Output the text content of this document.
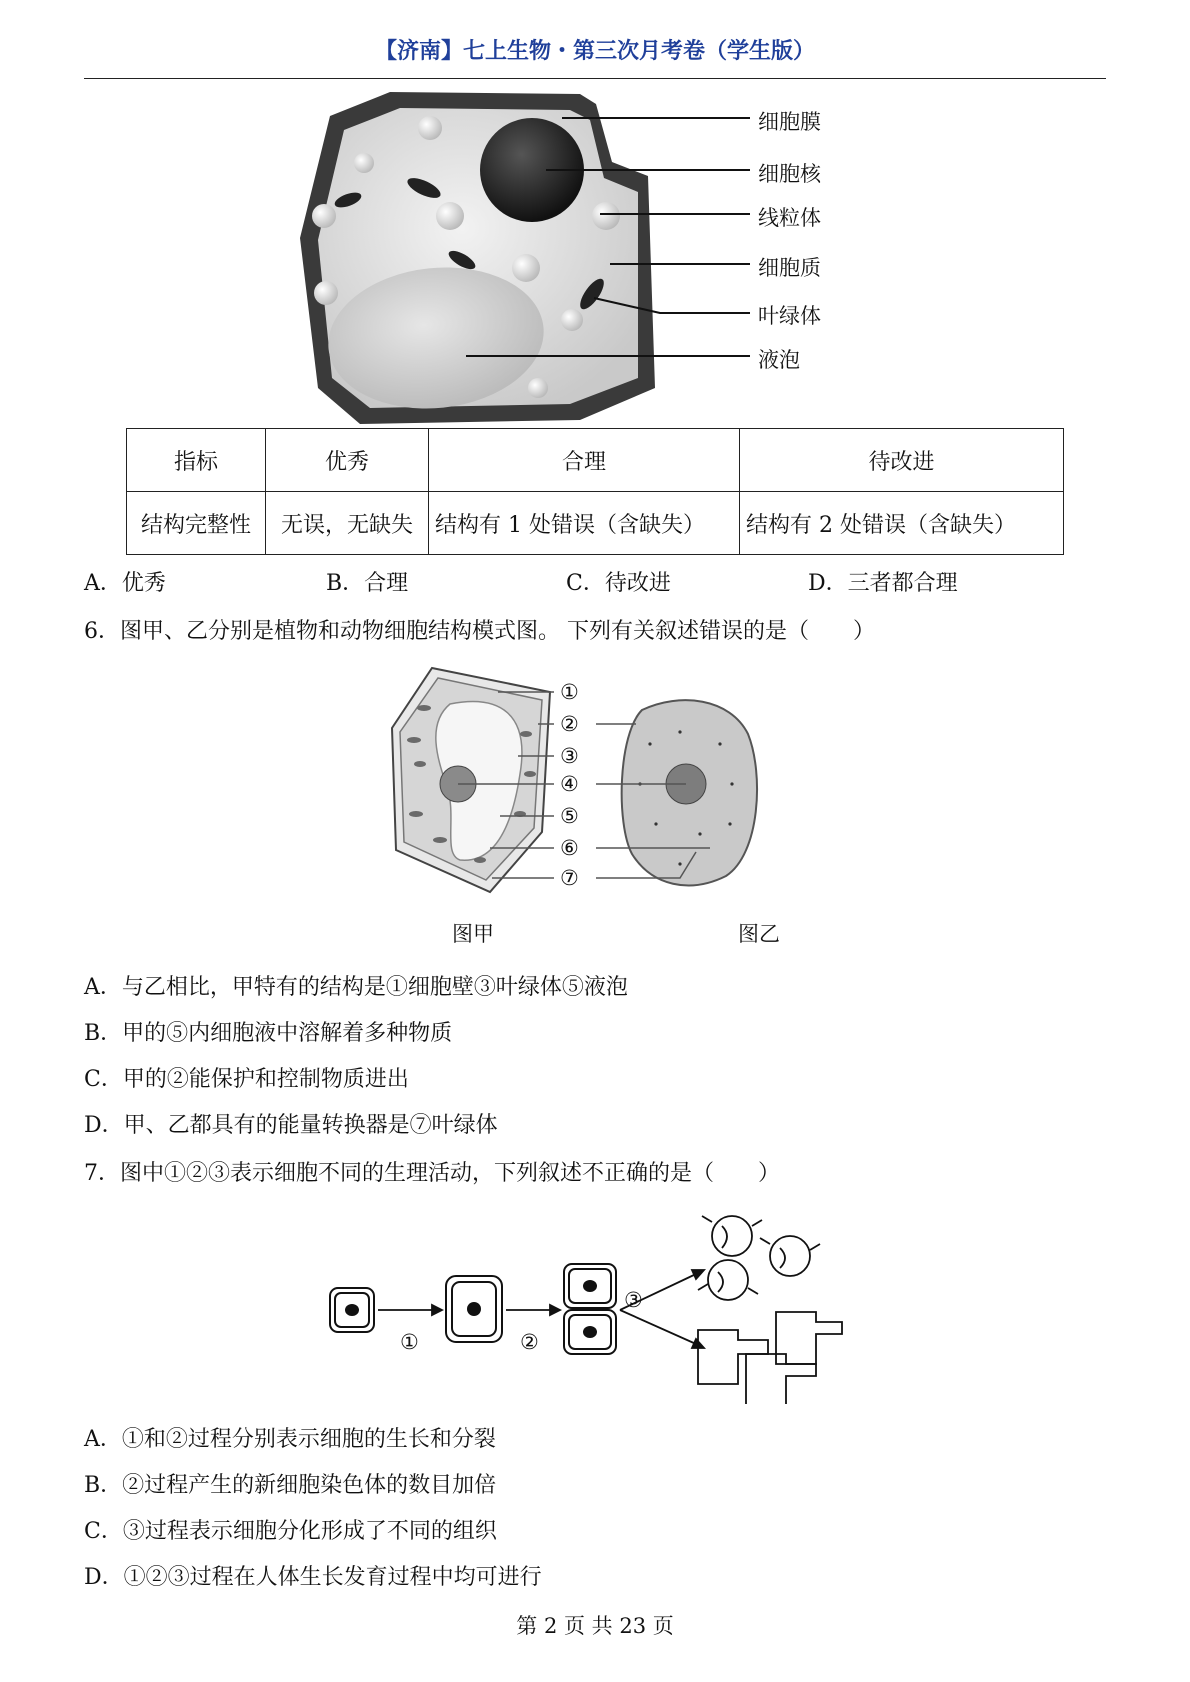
【济南】七上生物・第三次月考卷（学生版）
细胞膜
细胞核
线粒体
细胞质
叶绿体
液泡
指标	优秀	合理	待改进
结构完整性	无误，无缺失	结构有 1 处错误（含缺失）	结构有 2 处错误（含缺失）
A．优秀	B．合理	C．待改进	D．三者都合理
6．图甲、乙分别是植物和动物细胞结构模式图。 下列有关叙述错误的是（　　）
①
②
③
④
⑤
⑥
⑦
图甲	图乙
A．与乙相比，甲特有的结构是①细胞壁③叶绿体⑤液泡
B．甲的⑤内细胞液中溶解着多种物质
C．甲的②能保护和控制物质进出
D．甲、乙都具有的能量转换器是⑦叶绿体
7．图中①②③表示细胞不同的生理活动，下列叙述不正确的是（　　）
①	②
③
A．①和②过程分别表示细胞的生长和分裂
B．②过程产生的新细胞染色体的数目加倍
C．③过程表示细胞分化形成了不同的组织
D．①②③过程在人体生长发育过程中均可进行
第 2 页 共 23 页
